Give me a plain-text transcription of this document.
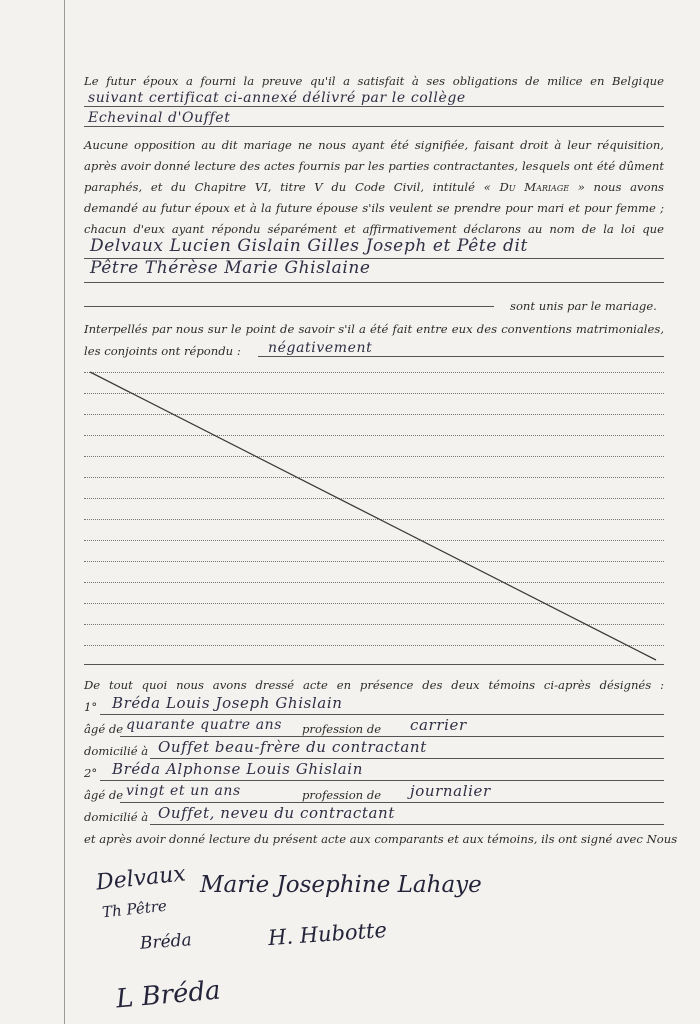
Le futur époux a fourni la preuve qu'il a satisfait à ses obligations de milice en Belgique
suivant certificat ci-annexé délivré par le collège
Echevinal d'Ouffet
Aucune opposition au dit mariage ne nous ayant été signifiée, faisant droit à leur réquisition,
après avoir donné lecture des actes fournis par les parties contractantes, lesquels ont été dûment
paraphés, et du Chapitre VI, titre V du Code Civil, intitulé « Du Mariage » nous avons
demandé au futur époux et à la future épouse s'ils veulent se prendre pour mari et pour femme ;
chacun d'eux ayant répondu séparément et affirmativement déclarons au nom de la loi que
Delvaux Lucien Gislain Gilles Joseph et Pête dit
Pêtre Thérèse Marie Ghislaine
sont unis par le mariage.
Interpellés par nous sur le point de savoir s'il a été fait entre eux des conventions matrimoniales,
les conjoints ont répondu :	négativement
De tout quoi nous avons dressé acte en présence des deux témoins ci-après désignés :
1° Bréda Louis Joseph Ghislain
âgé de quarante quatre ans profession de	carrier
domicilié à Ouffet beau-frère du contractant
2° Bréda Alphonse Louis Ghislain
âgé de vingt et un ans	profession de	journalier
domicilié à Ouffet, neveu du contractant
et après avoir donné lecture du présent acte aux comparants et aux témoins, ils ont signé avec Nous
Delvaux
Th Pêtre
Marie Josephine Lahaye
Bréda	H. Hubotte
L Bréda
